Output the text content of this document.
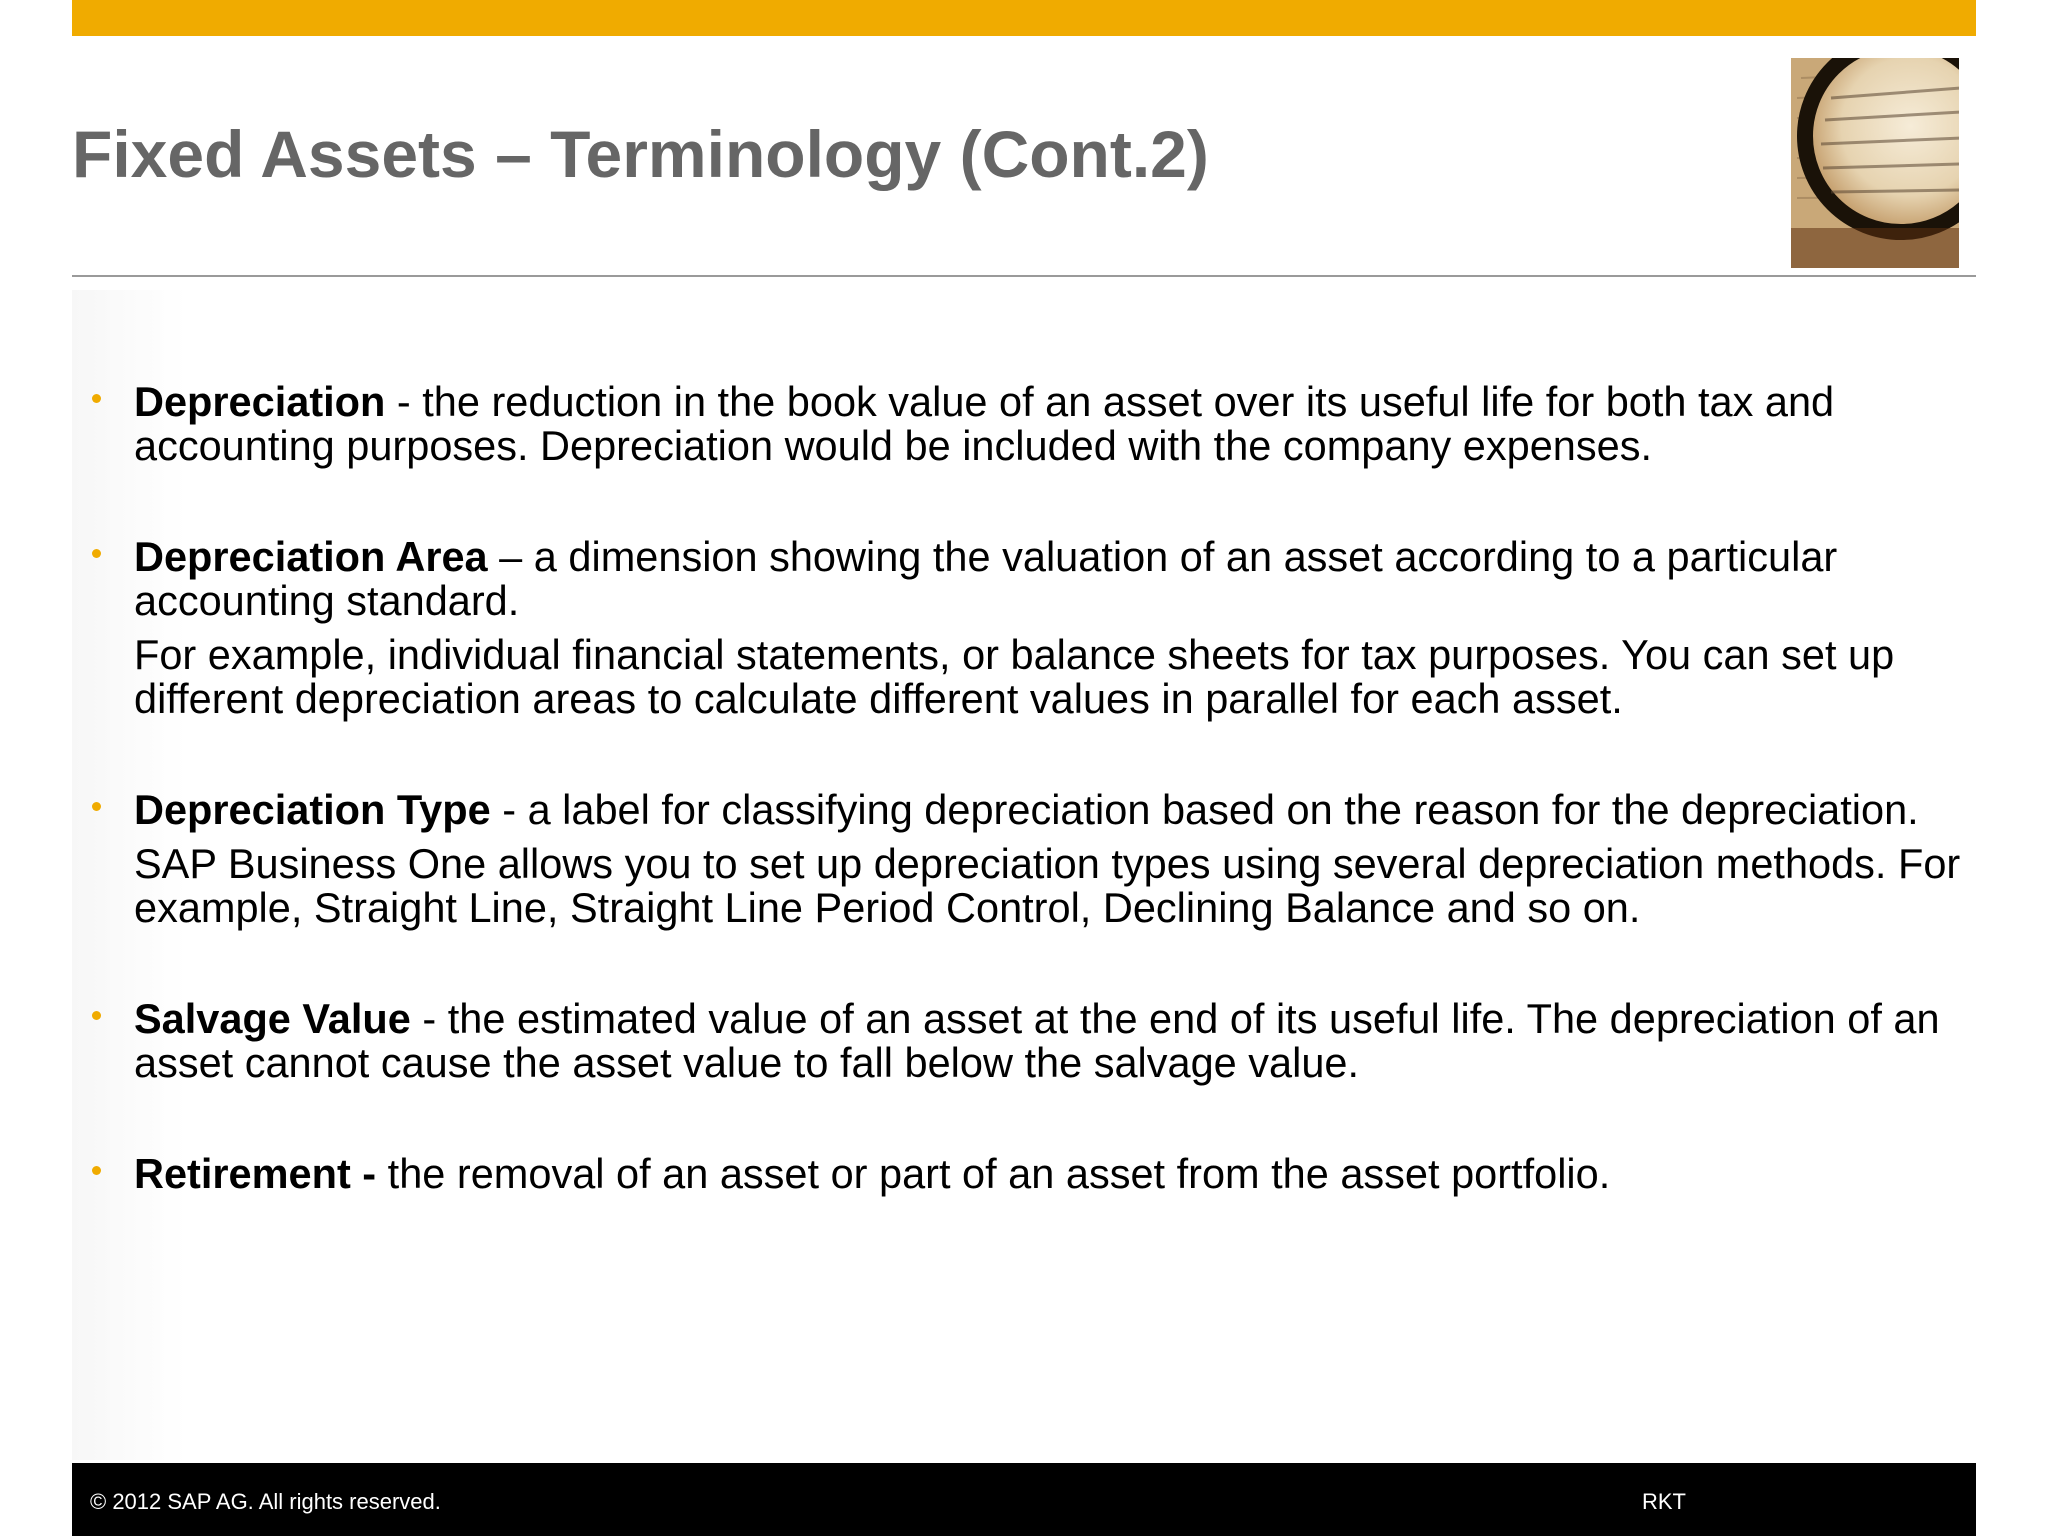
Fixed Assets – Terminology (Cont.2)

Depreciation - the reduction in the book value of an asset over its useful life for both tax and accounting purposes. Depreciation would be included with the company expenses.

Depreciation Area – a dimension showing the valuation of an asset according to a particular accounting standard.

For example, individual financial statements, or balance sheets for tax purposes. You can set up different depreciation areas to calculate different values in parallel for each asset.

Depreciation Type - a label for classifying depreciation based on the reason for the depreciation.

SAP Business One allows you to set up depreciation types using several depreciation methods. For example, Straight Line, Straight Line Period Control, Declining Balance and so on.

Salvage Value - the estimated value of an asset at the end of its useful life. The depreciation of an asset cannot cause the asset value to fall below the salvage value.

Retirement - the removal of an asset or part of an asset from the asset portfolio.

© 2012 SAP AG. All rights reserved.	RKT
